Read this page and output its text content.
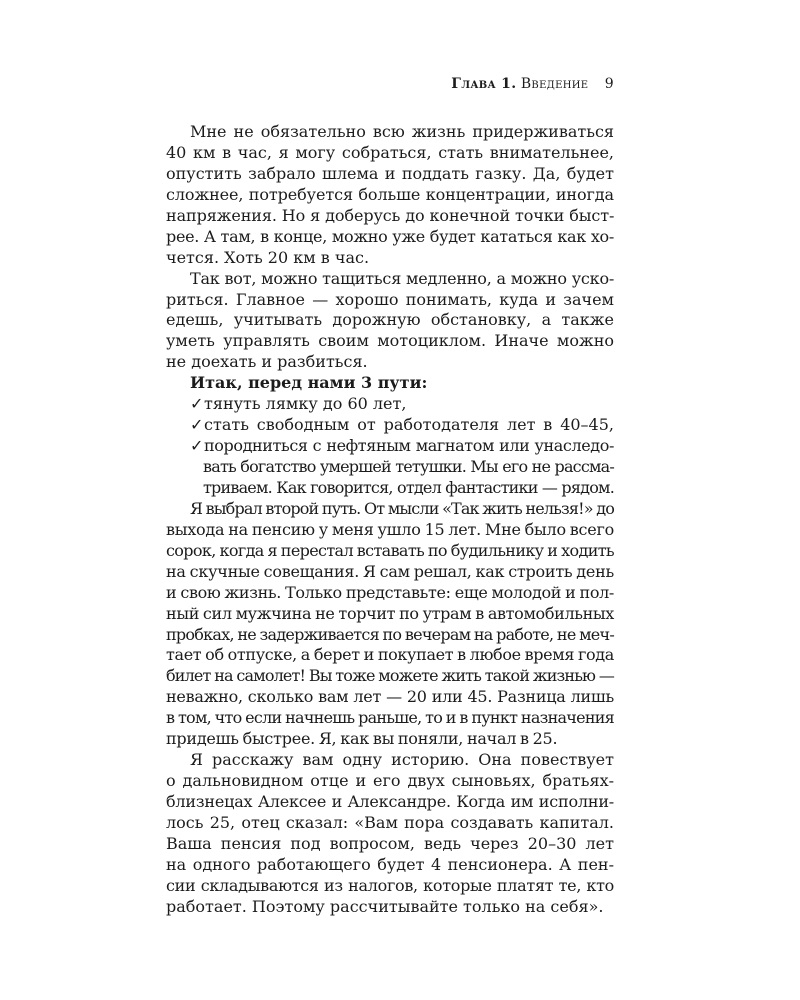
Глава 1. Введение 9
Мне не обязательно всю жизнь придерживаться
40 км в час, я могу собраться, стать внимательнее,
опустить забрало шлема и поддать газку. Да, будет
сложнее, потребуется больше концентрации, иногда
напряжения. Но я доберусь до конечной точки быст-
рее. А там, в конце, можно уже будет кататься как хо-
чется. Хоть 20 км в час.
Так вот, можно тащиться медленно, а можно уско-
риться. Главное — хорошо понимать, куда и зачем
едешь, учитывать дорожную обстановку, а также
уметь управлять своим мотоциклом. Иначе можно
не доехать и разбиться.
Итак, перед нами 3 пути:
✓тянуть лямку до 60 лет,
✓стать свободным от работодателя лет в 40–45,
✓породниться с нефтяным магнатом или унаследо-
вать богатство умершей тетушки. Мы его не рассма-
триваем. Как говорится, отдел фантастики — рядом.
Я выбрал второй путь. От мысли «Так жить нельзя!» до
выхода на пенсию у меня ушло 15 лет. Мне было всего
сорок, когда я перестал вставать по будильнику и ходить
на скучные совещания. Я сам решал, как строить день
и свою жизнь. Только представьте: еще молодой и пол-
ный сил мужчина не торчит по утрам в автомобильных
пробках, не задерживается по вечерам на работе, не меч-
тает об отпуске, а берет и покупает в любое время года
билет на самолет! Вы тоже можете жить такой жизнью —
неважно, сколько вам лет — 20 или 45. Разница лишь
в том, что если начнешь раньше, то и в пункт назначения
придешь быстрее. Я, как вы поняли, начал в 25.
Я расскажу вам одну историю. Она повествует
о дальновидном отце и его двух сыновьях, братьях-
близнецах Алексее и Александре. Когда им исполни-
лось 25, отец сказал: «Вам пора создавать капитал.
Ваша пенсия под вопросом, ведь через 20–30 лет
на одного работающего будет 4 пенсионера. А пен-
сии складываются из налогов, которые платят те, кто
работает. Поэтому рассчитывайте только на себя».
